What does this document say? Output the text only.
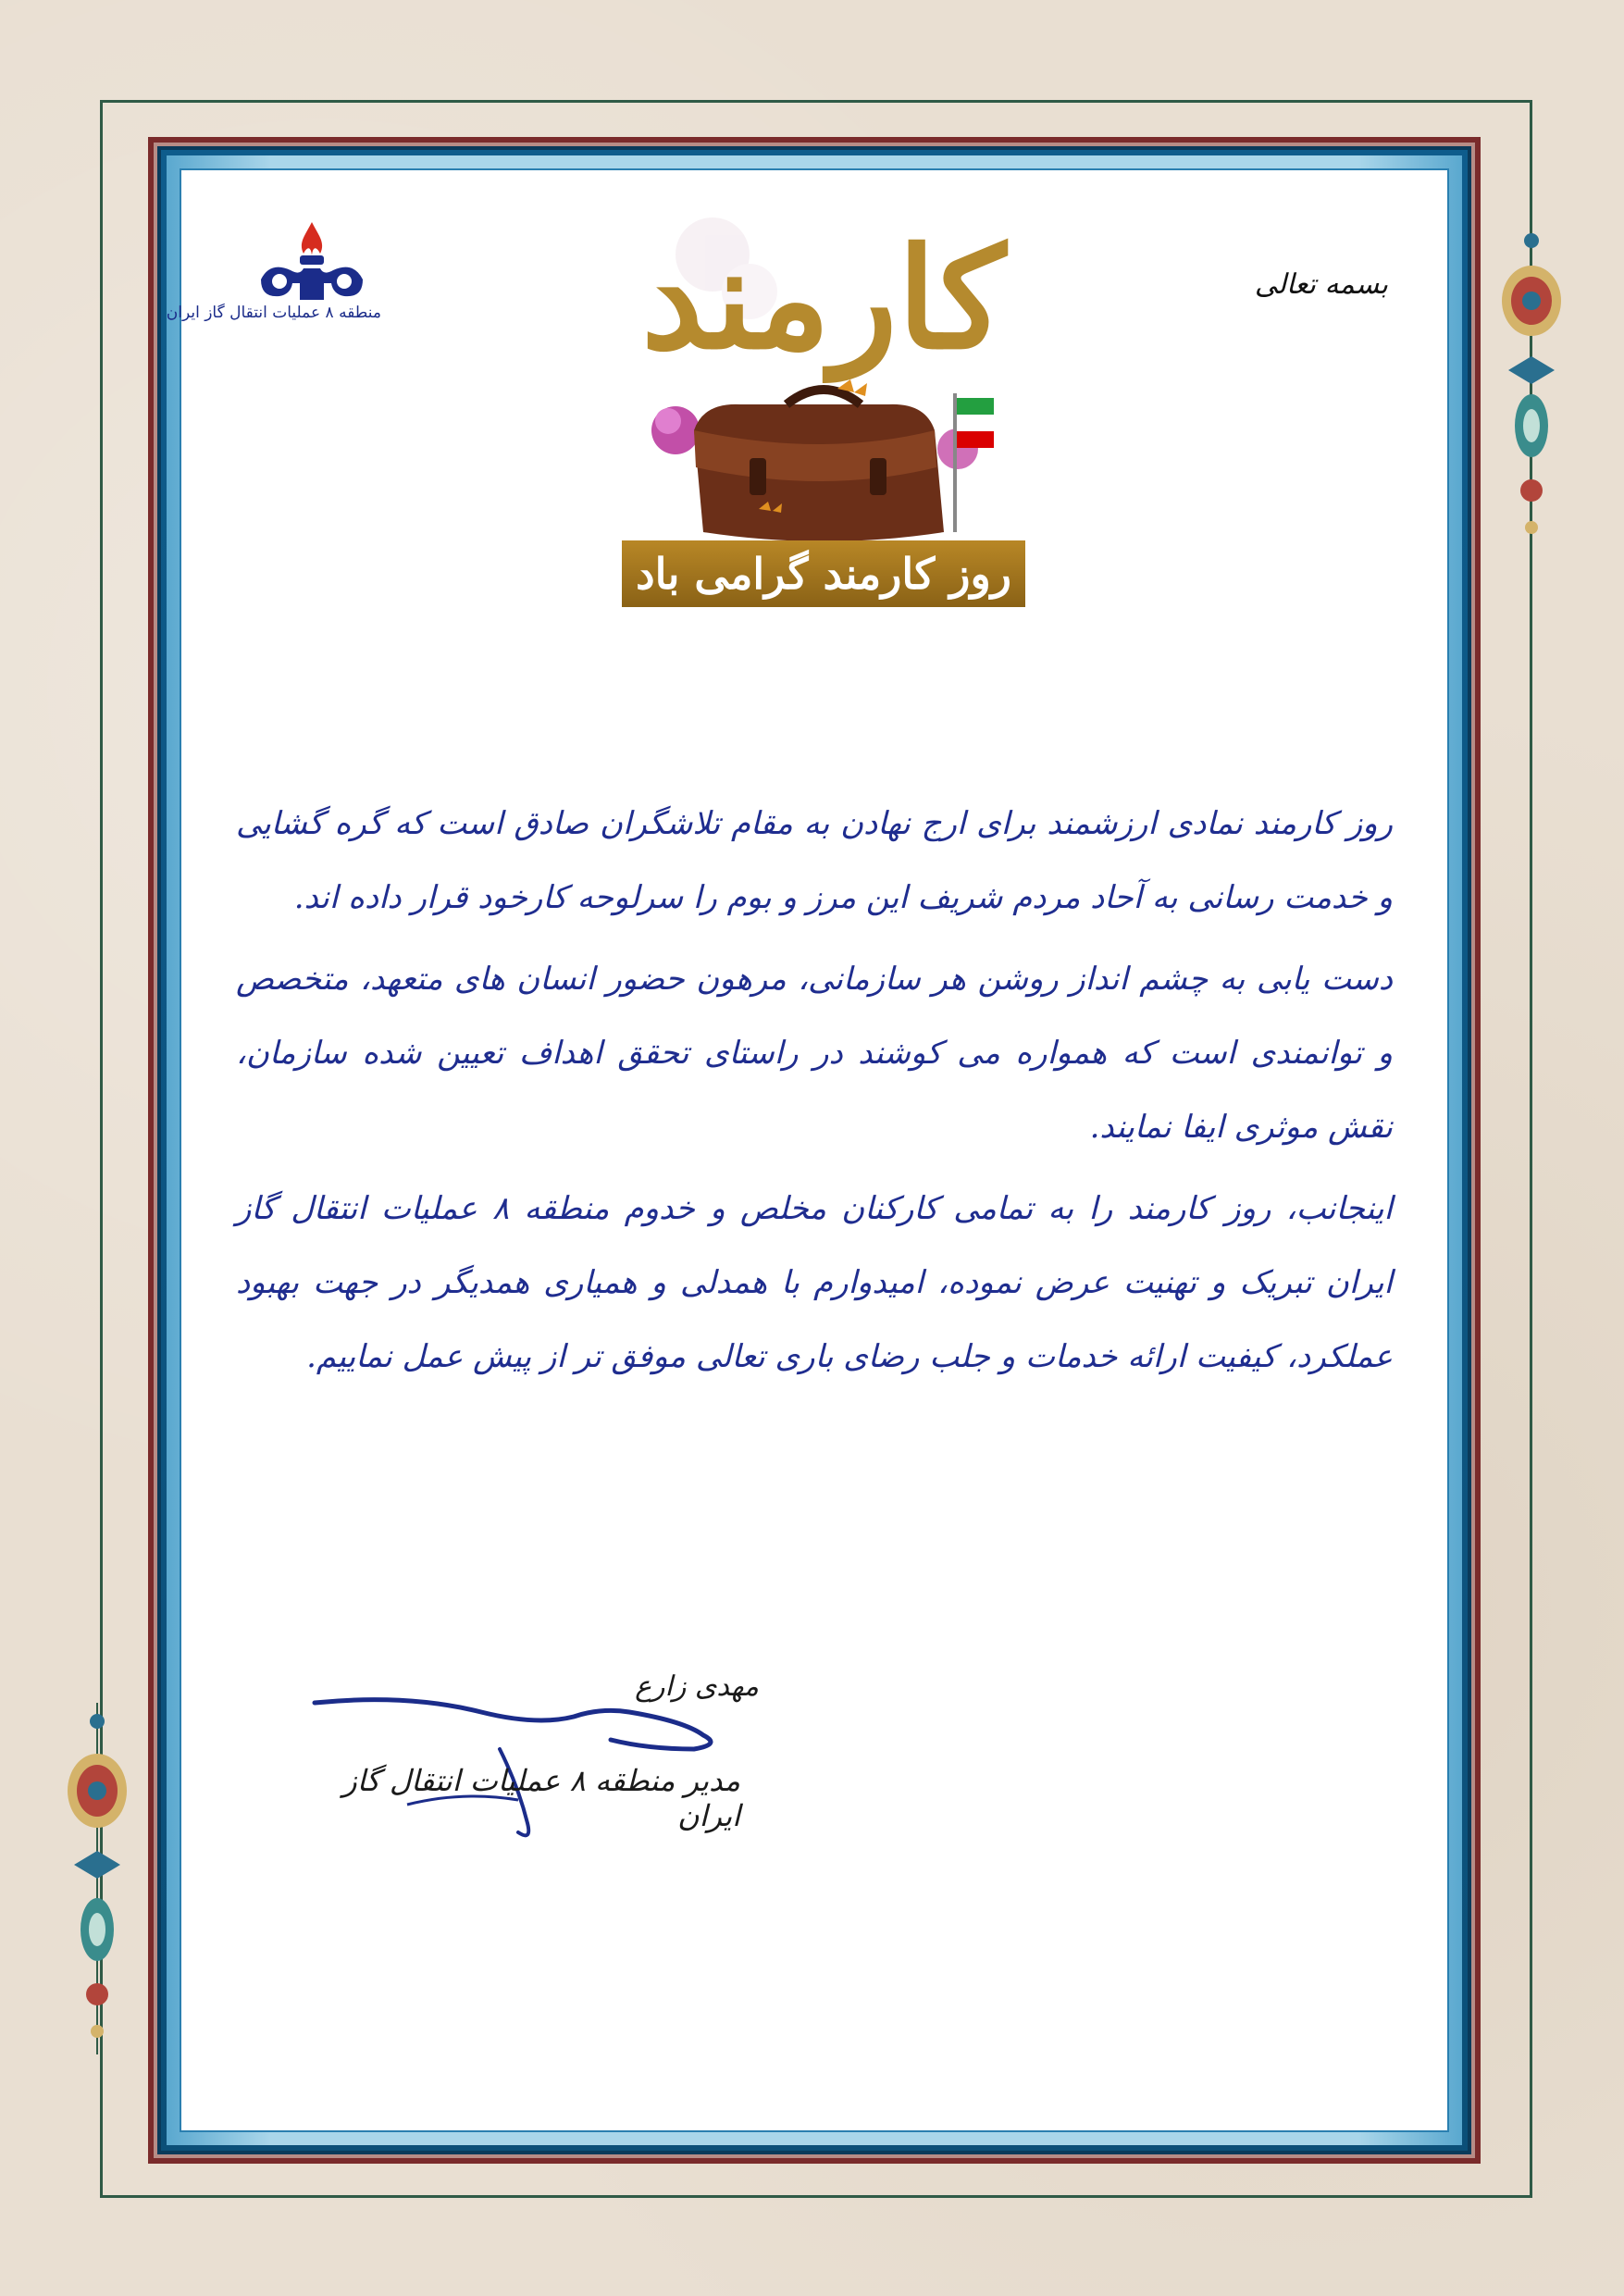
منطقه ۸ عملیات انتقال گاز ایران
بسمه تعالی
کارمند
روز کارمند گرامی باد

روز کارمند نمادی ارزشمند برای ارج نهادن به مقام تلاشگران صادق است که گره گشایی و خدمت رسانی به آحاد مردم شریف این مرز و بوم را سرلوحه کارخود قرار داده اند.

دست یابی به چشم انداز روشن هر سازمانی، مرهون حضور انسان های متعهد، متخصص و توانمندی است که همواره می کوشند در راستای تحقق اهداف تعیین شده سازمان، نقش موثری ایفا نمایند.

اینجانب، روز کارمند را به تمامی کارکنان مخلص و خدوم منطقه ۸ عملیات انتقال گاز ایران تبریک و تهنیت عرض نموده، امیدوارم با همدلی و همیاری همدیگر در جهت بهبود عملکرد، کیفیت ارائه خدمات و جلب رضای باری تعالی موفق تر از پیش عمل نماییم.

مهدی زارع
مدیر منطقه ۸ عملیات انتقال گاز ایران
